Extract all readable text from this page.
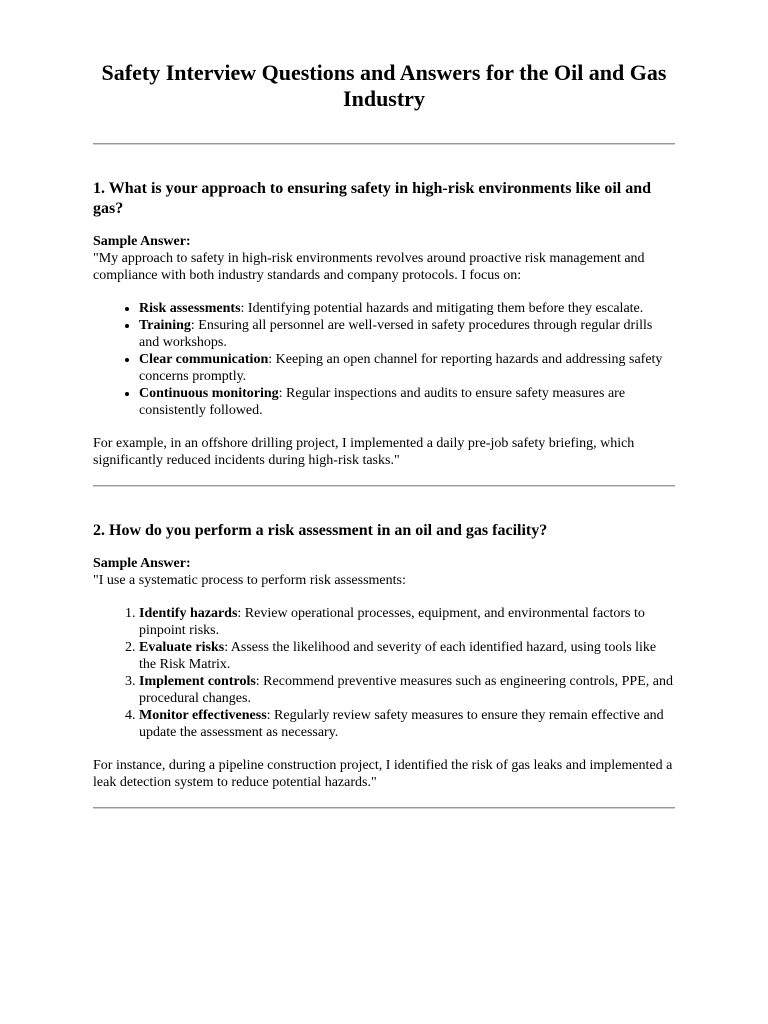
Safety Interview Questions and Answers for the Oil and Gas Industry
1. What is your approach to ensuring safety in high-risk environments like oil and gas?

Sample Answer:

"My approach to safety in high-risk environments revolves around proactive risk management and compliance with both industry standards and company protocols. I focus on:

• Risk assessments: Identifying potential hazards and mitigating them before they escalate.
• Training: Ensuring all personnel are well-versed in safety procedures through regular drills and workshops.
• Clear communication: Keeping an open channel for reporting hazards and addressing safety concerns promptly.
• Continuous monitoring: Regular inspections and audits to ensure safety measures are consistently followed.

For example, in an offshore drilling project, I implemented a daily pre-job safety briefing, which significantly reduced incidents during high-risk tasks."

2. How do you perform a risk assessment in an oil and gas facility?

Sample Answer:

"I use a systematic process to perform risk assessments:

1. Identify hazards: Review operational processes, equipment, and environmental factors to pinpoint risks.
2. Evaluate risks: Assess the likelihood and severity of each identified hazard, using tools like the Risk Matrix.
3. Implement controls: Recommend preventive measures such as engineering controls, PPE, and procedural changes.
4. Monitor effectiveness: Regularly review safety measures to ensure they remain effective and update the assessment as necessary.

For instance, during a pipeline construction project, I identified the risk of gas leaks and implemented a leak detection system to reduce potential hazards."
